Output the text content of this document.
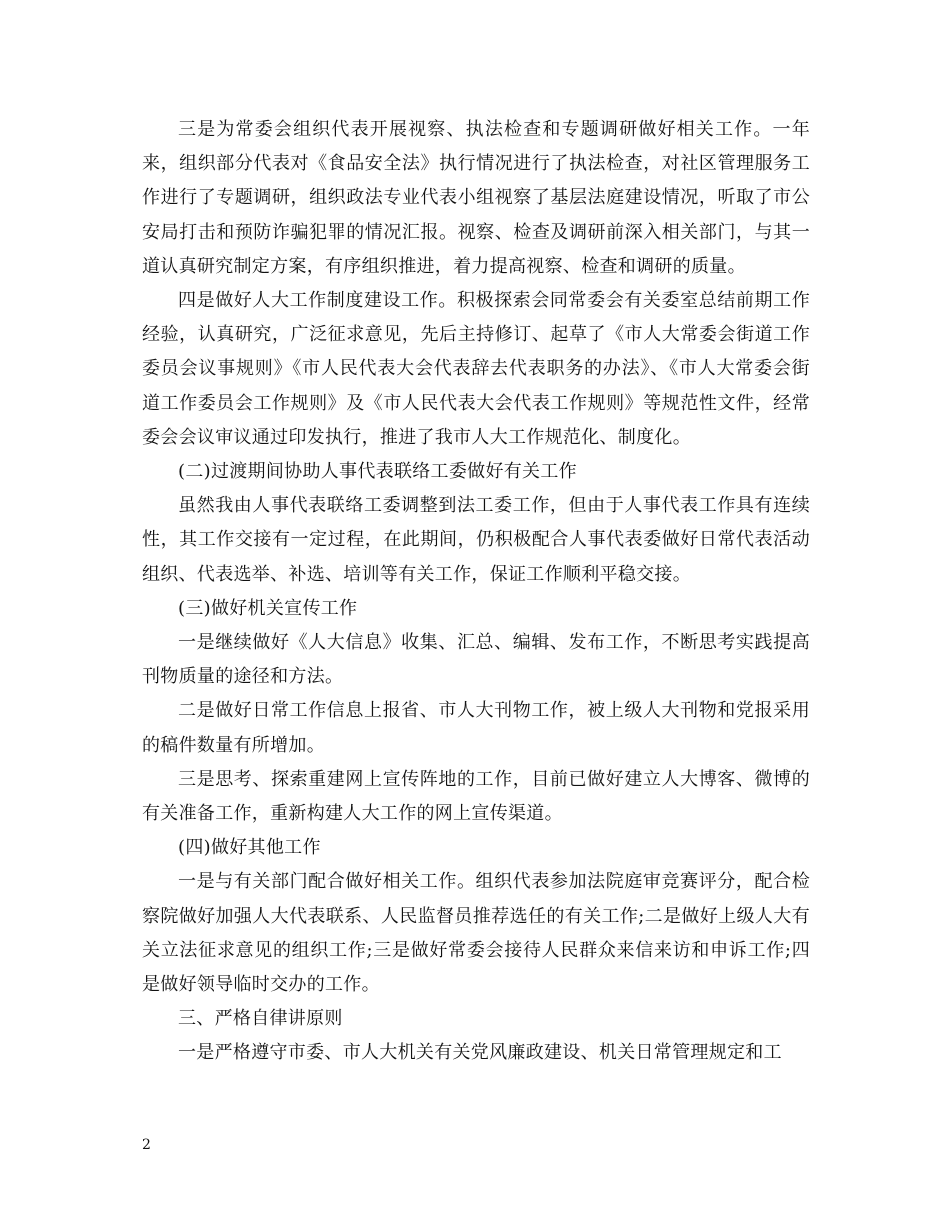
三是为常委会组织代表开展视察、执法检查和专题调研做好相关工作。一年来，组织部分代表对《食品安全法》执行情况进行了执法检查，对社区管理服务工作进行了专题调研，组织政法专业代表小组视察了基层法庭建设情况，听取了市公安局打击和预防诈骗犯罪的情况汇报。视察、检查及调研前深入相关部门，与其一道认真研究制定方案，有序组织推进，着力提高视察、检查和调研的质量。

四是做好人大工作制度建设工作。积极探索会同常委会有关委室总结前期工作经验，认真研究，广泛征求意见，先后主持修订、起草了《市人大常委会街道工作委员会议事规则》《市人民代表大会代表辞去代表职务的办法》、《市人大常委会街道工作委员会工作规则》及《市人民代表大会代表工作规则》等规范性文件，经常委会会议审议通过印发执行，推进了我市人大工作规范化、制度化。

(二)过渡期间协助人事代表联络工委做好有关工作

虽然我由人事代表联络工委调整到法工委工作，但由于人事代表工作具有连续性，其工作交接有一定过程，在此期间，仍积极配合人事代表委做好日常代表活动组织、代表选举、补选、培训等有关工作，保证工作顺利平稳交接。

(三)做好机关宣传工作

一是继续做好《人大信息》收集、汇总、编辑、发布工作，不断思考实践提高刊物质量的途径和方法。

二是做好日常工作信息上报省、市人大刊物工作，被上级人大刊物和党报采用的稿件数量有所增加。

三是思考、探索重建网上宣传阵地的工作，目前已做好建立人大博客、微博的有关准备工作，重新构建人大工作的网上宣传渠道。

(四)做好其他工作

一是与有关部门配合做好相关工作。组织代表参加法院庭审竞赛评分，配合检察院做好加强人大代表联系、人民监督员推荐选任的有关工作;二是做好上级人大有关立法征求意见的组织工作;三是做好常委会接待人民群众来信来访和申诉工作;四是做好领导临时交办的工作。

三、严格自律讲原则

一是严格遵守市委、市人大机关有关党风廉政建设、机关日常管理规定和工

2
